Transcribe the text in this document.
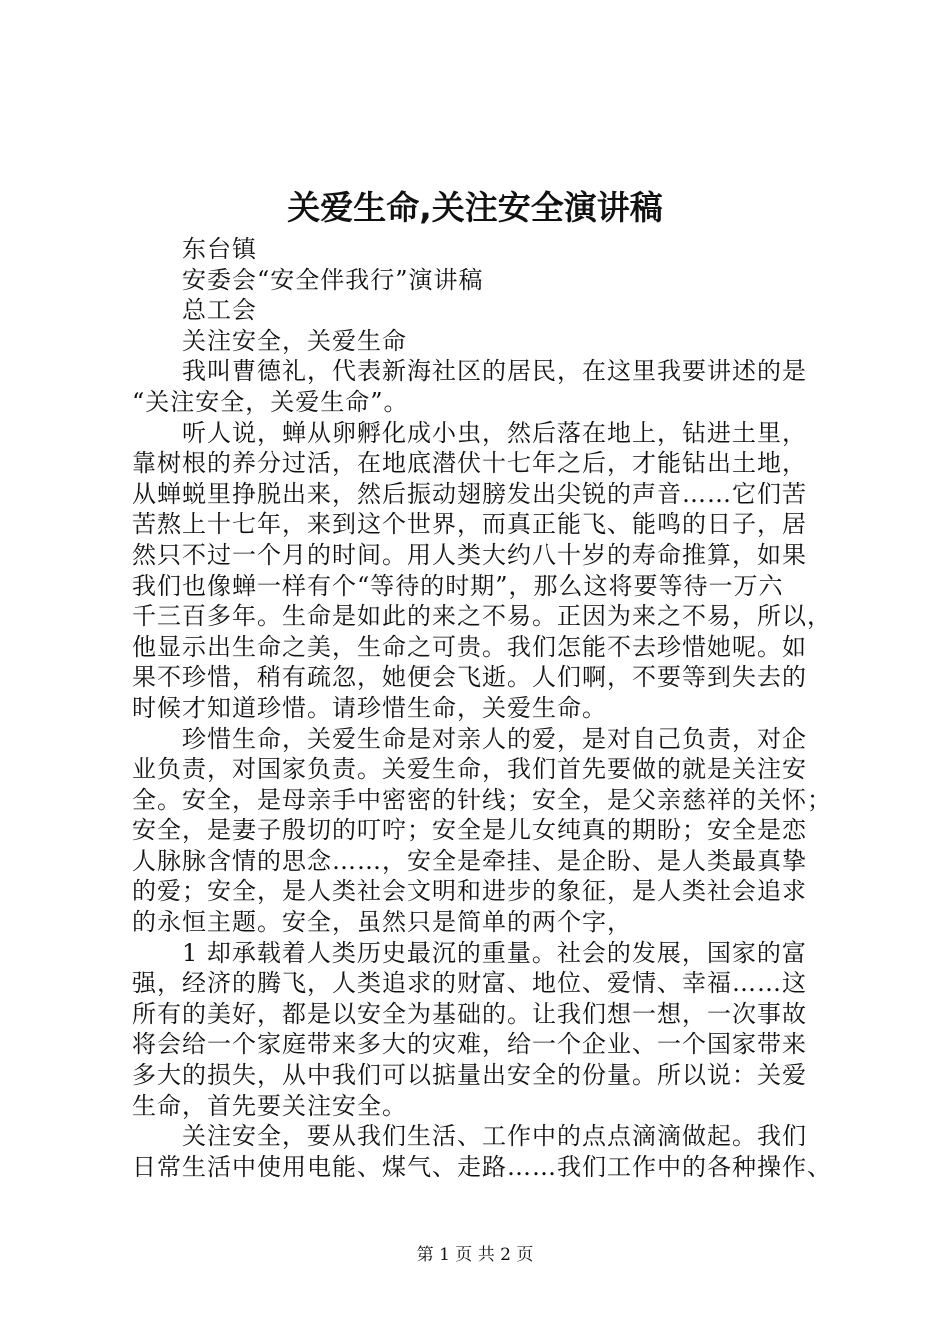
关爱生命,关注安全演讲稿
东台镇
安委会“安全伴我行”演讲稿
总工会
关注安全，关爱生命
我叫曹德礼，代表新海社区的居民，在这里我要讲述的是
“关注安全，关爱生命”。
听人说，蝉从卵孵化成小虫，然后落在地上，钻进土里，
靠树根的养分过活，在地底潜伏十七年之后，才能钻出土地，
从蝉蜕里挣脱出来，然后振动翅膀发出尖锐的声音……它们苦
苦熬上十七年，来到这个世界，而真正能飞、能鸣的日子，居
然只不过一个月的时间。用人类大约八十岁的寿命推算，如果
我们也像蝉一样有个“等待的时期”，那么这将要等待一万六
千三百多年。生命是如此的来之不易。正因为来之不易，所以，
他显示出生命之美，生命之可贵。我们怎能不去珍惜她呢。如
果不珍惜，稍有疏忽，她便会飞逝。人们啊，不要等到失去的
时候才知道珍惜。请珍惜生命，关爱生命。
珍惜生命，关爱生命是对亲人的爱，是对自己负责，对企
业负责，对国家负责。关爱生命，我们首先要做的就是关注安
全。安全，是母亲手中密密的针线；安全，是父亲慈祥的关怀；
安全，是妻子殷切的叮咛；安全是儿女纯真的期盼；安全是恋
人脉脉含情的思念……，安全是牵挂、是企盼、是人类最真挚
的爱；安全，是人类社会文明和进步的象征，是人类社会追求
的永恒主题。安全，虽然只是简单的两个字，
1 却承载着人类历史最沉的重量。社会的发展，国家的富
强，经济的腾飞，人类追求的财富、地位、爱情、幸福……这
所有的美好，都是以安全为基础的。让我们想一想，一次事故
将会给一个家庭带来多大的灾难，给一个企业、一个国家带来
多大的损失，从中我们可以掂量出安全的份量。所以说：关爱
生命，首先要关注安全。
关注安全，要从我们生活、工作中的点点滴滴做起。我们
日常生活中使用电能、煤气、走路……我们工作中的各种操作、
第 1 页 共 2 页
